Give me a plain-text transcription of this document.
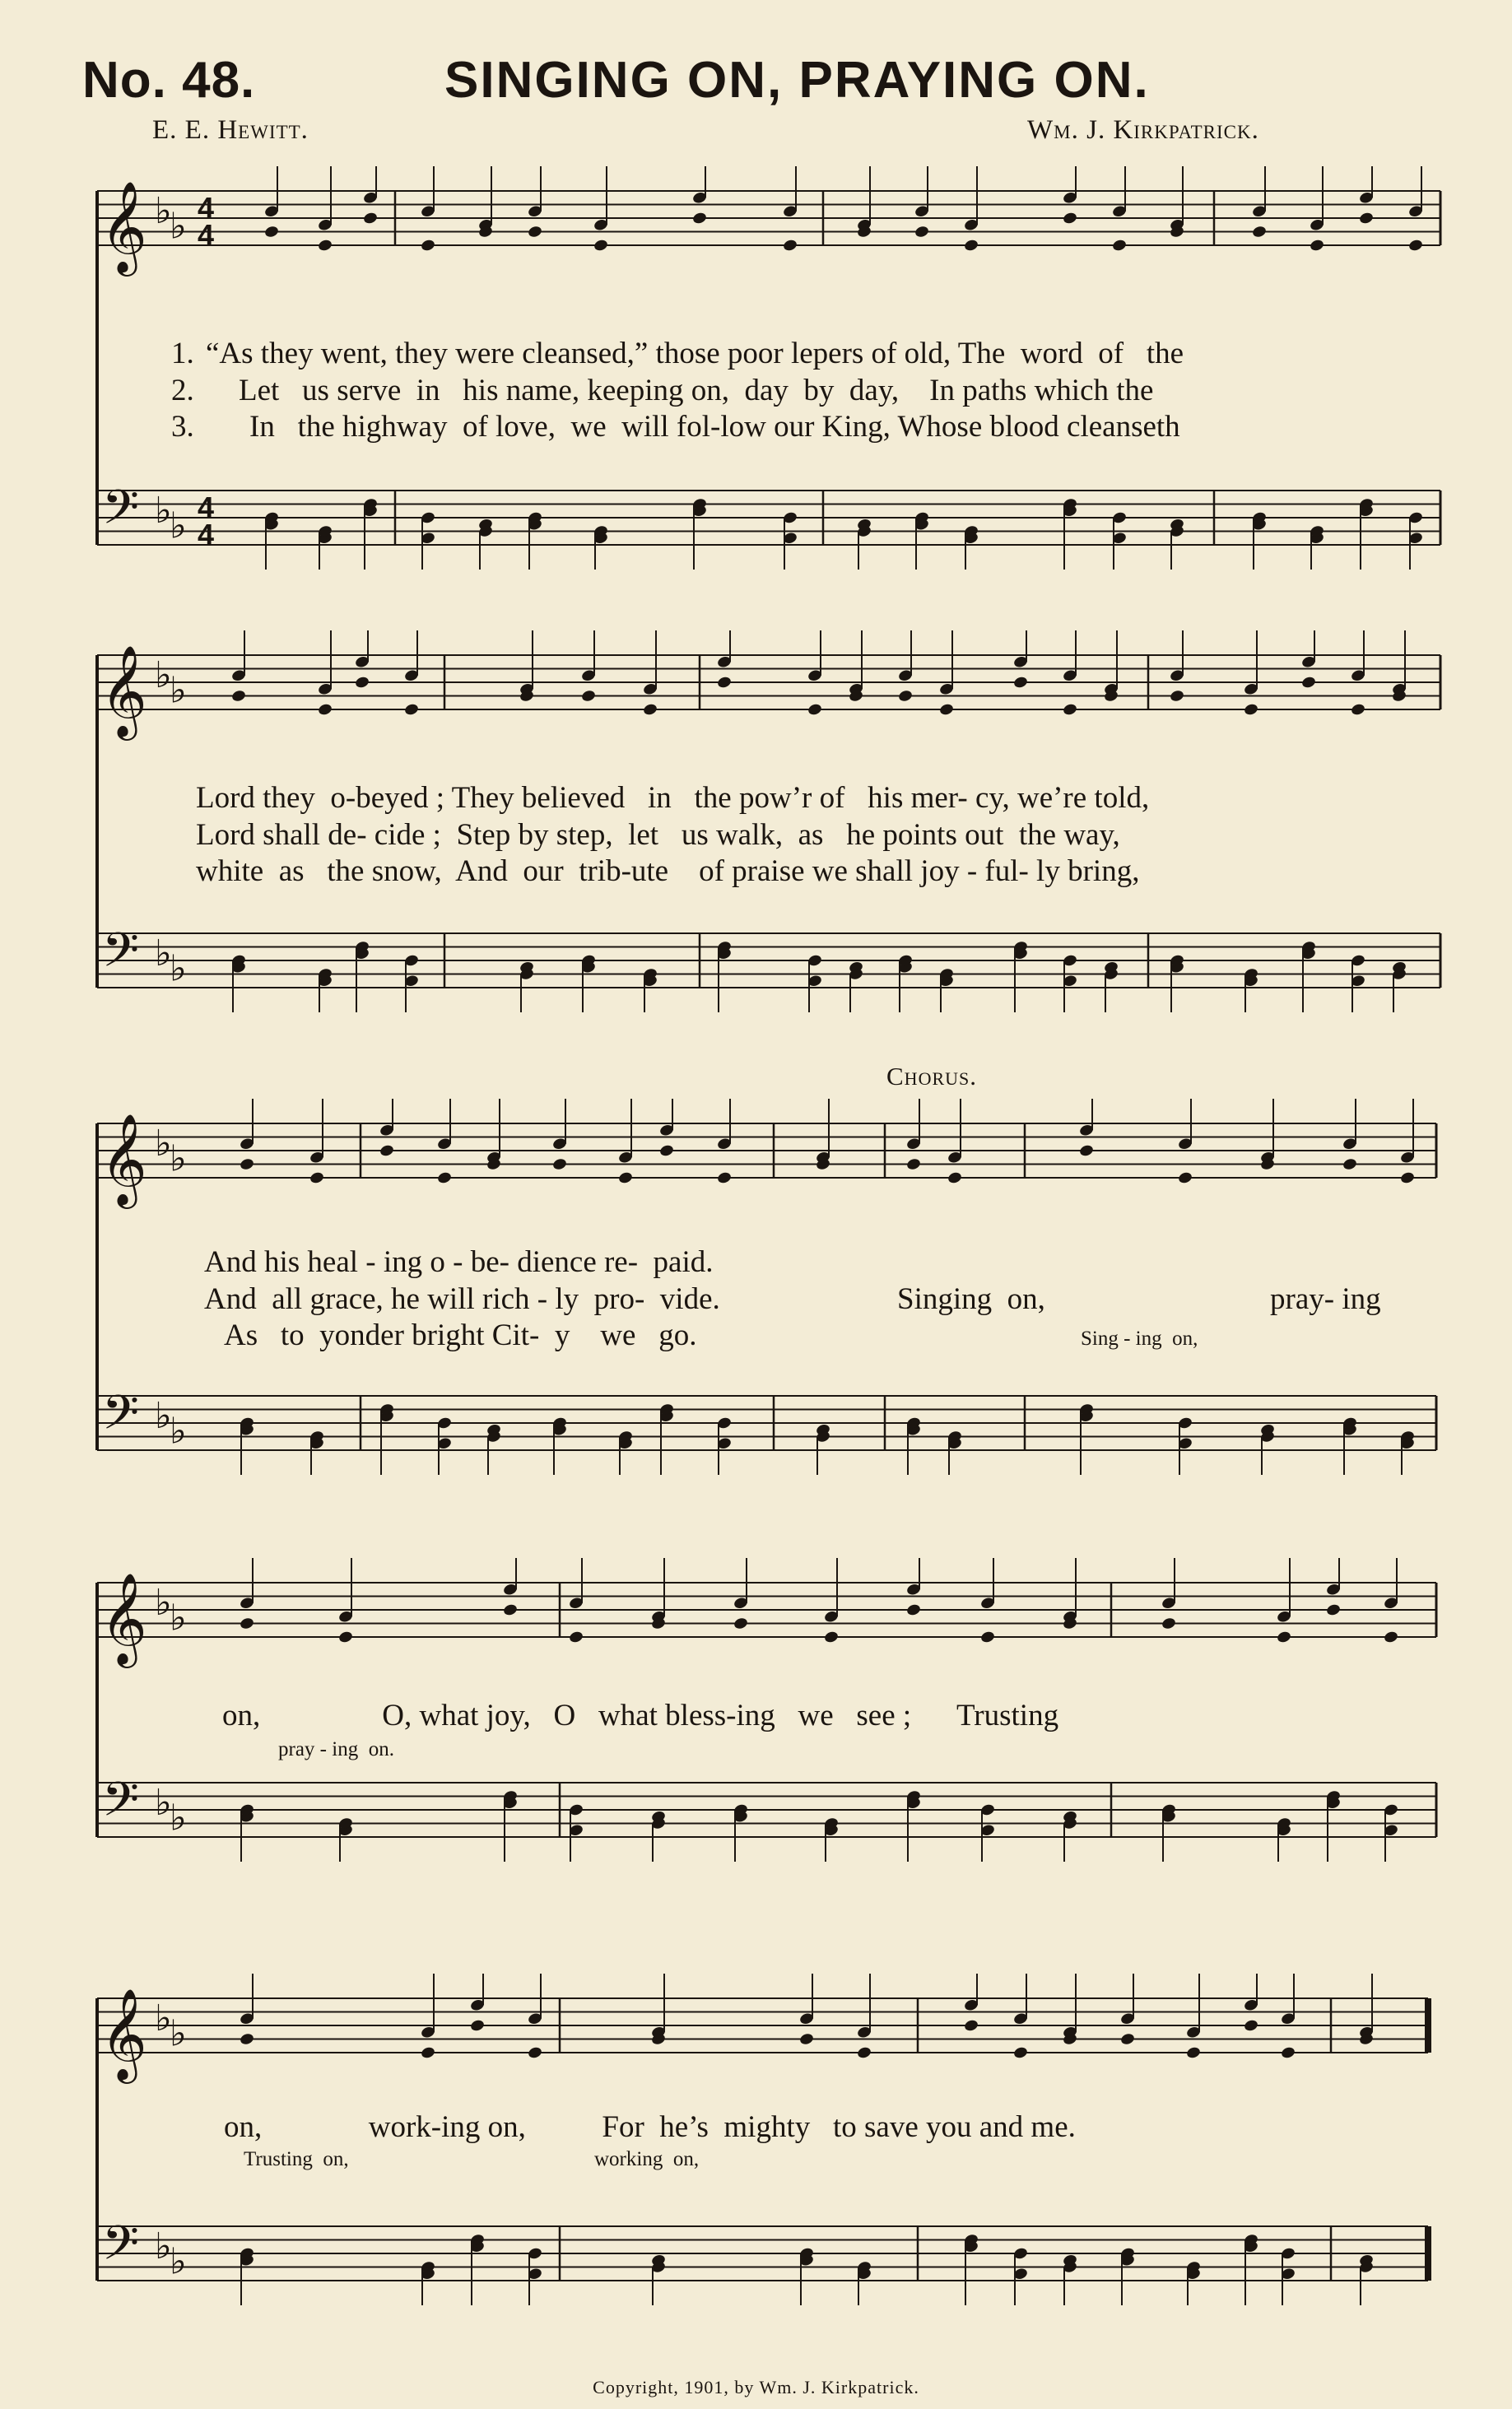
No. 48.	SINGING ON, PRAYING ON.
E. E. Hewitt.	Wm. J. Kirkpatrick.
𝄞 ♭
♭ 4
4
𝄢 ♭
♭ 4
4
𝄞 ♭
♭
𝄢 ♭
♭
𝄞 ♭
♭
𝄢 ♭
♭
𝄞 ♭
♭
𝄢 ♭
♭
𝄞 ♭
♭
𝄢 ♭
♭
1. “As they went, they were cleansed,” those poor lepers of old, The  word  of   the
2. Let   us serve  in   his name, keeping on,  day  by  day,    In paths which the
3. In   the highway  of love,  we  will fol-low our King, Whose blood cleanseth
Lord they  o-beyed ; They believed   in   the pow’r of   his mer- cy, we’re told,
Lord shall de- cide ;  Step by step,  let   us walk,  as   he points out  the way,
white  as   the snow,  And  our  trib-ute    of praise we shall joy - ful- ly bring,
And his heal - ing o - be- dience re-  paid.
And  all grace, he will rich - ly  pro-  vide.
As   to  yonder bright Cit-  y    we   go.
Chorus.
Singing  on,	pray- ing
Sing - ing  on,
on,                O, what joy,   O   what bless-ing   we   see ;      Trusting
pray - ing  on.
on,              work-ing on,          For  he’s  mighty   to save you and me.
Trusting  on,	working  on,
Copyright, 1901, by Wm. J. Kirkpatrick.
